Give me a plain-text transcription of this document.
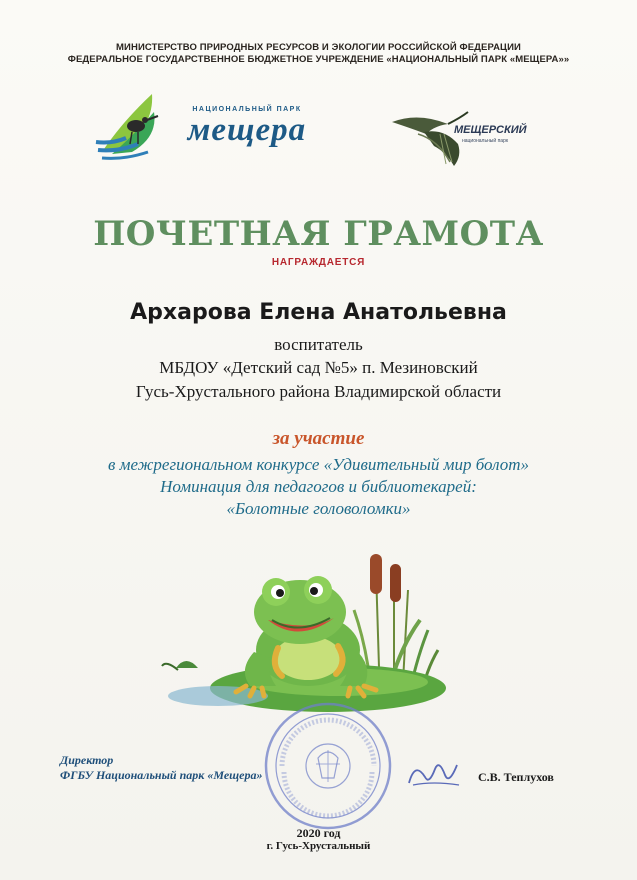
МИНИСТЕРСТВО ПРИРОДНЫХ РЕСУРСОВ И ЭКОЛОГИИ РОССИЙСКОЙ ФЕДЕРАЦИИ
ФЕДЕРАЛЬНОЕ ГОСУДАРСТВЕННОЕ БЮДЖЕТНОЕ УЧРЕЖДЕНИЕ «НАЦИОНАЛЬНЫЙ ПАРК «МЕЩЕРА»»
НАЦИОНАЛЬНЫЙ ПАРК
мещера	МЕЩЕРСКИЙ
национальный парк
ПОЧЕТНАЯ ГРАМОТА
НАГРАЖДАЕТСЯ
Архарова Елена Анатольевна
воспитатель
МБДОУ «Детский сад №5» п. Мезиновский
Гусь-Хрустального района Владимирской области
за участие
в межрегиональном конкурсе «Удивительный мир болот»
Номинация для педагогов и библиотекарей:
«Болотные головоломки»
Директор
ФГБУ Национальный парк «Мещера»	С.В. Теплухов
2020 год
г. Гусь-Хрустальный
